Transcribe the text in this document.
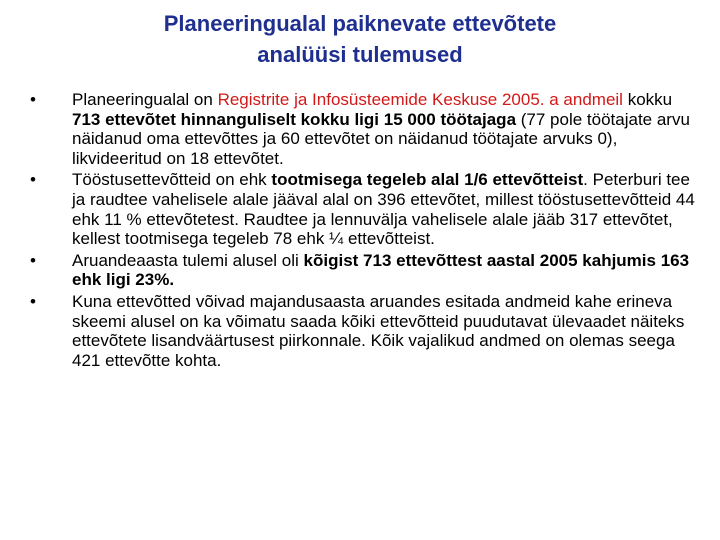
Planeeringualal paiknevate ettevõtete
analüüsi tulemused
• Planeeringualal on Registrite ja Infosüsteemide Keskuse 2005. a andmeil kokku 713 ettevõtet hinnanguliselt kokku ligi 15 000 töötajaga (77 pole töötajate arvu näidanud oma ettevõttes ja 60 ettevõtet on näidanud töötajate arvuks 0), likvideeritud on 18 ettevõtet.
• Tööstusettevõtteid on ehk tootmisega tegeleb alal 1/6 ettevõtteist. Peterburi tee ja raudtee vahelisele alale jääval alal on 396 ettevõtet, millest tööstusettevõtteid 44 ehk 11 % ettevõtetest. Raudtee ja lennuvälja vahelisele alale jääb 317 ettevõtet, kellest tootmisega tegeleb 78 ehk ¼ ettevõtteist.
• Aruandeaasta tulemi alusel oli kõigist 713 ettevõttest aastal 2005 kahjumis 163 ehk ligi 23%.
• Kuna ettevõtted võivad majandusaasta aruandes esitada andmeid kahe erineva skeemi alusel on ka võimatu saada kõiki ettevõtteid puudutavat ülevaadet näiteks ettevõtete lisandväärtusest piirkonnale. Kõik vajalikud andmed on olemas seega 421 ettevõtte kohta.
